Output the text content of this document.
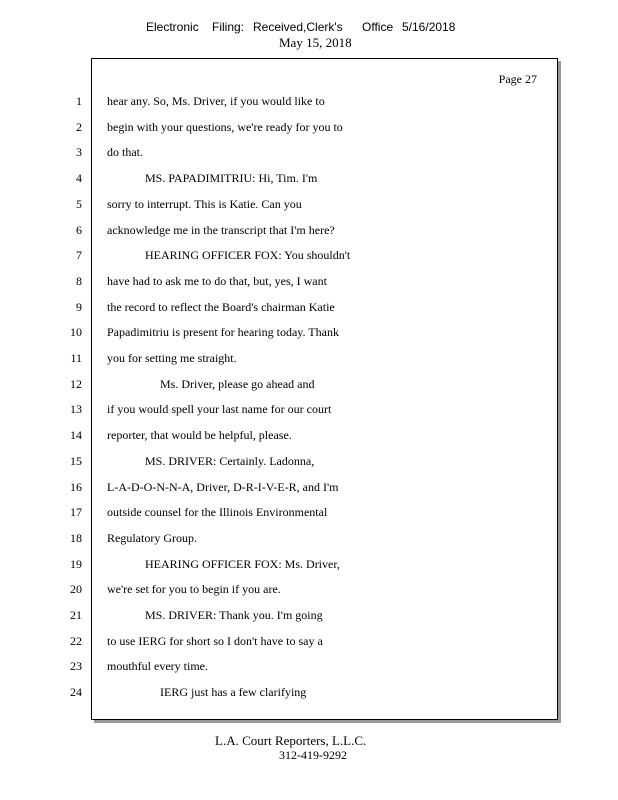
Electronic Filing: Received,Clerk's Office 5/16/2018
May 15, 2018
Page 27
1 hear any. So, Ms. Driver, if you would like to
2 begin with your questions, we're ready for you to
3 do that.
4	MS. PAPADIMITRIU: Hi, Tim. I'm
5 sorry to interrupt. This is Katie. Can you
6 acknowledge me in the transcript that I'm here?
7	HEARING OFFICER FOX: You shouldn't
8 have had to ask me to do that, but, yes, I want
9 the record to reflect the Board's chairman Katie
10 Papadimitriu is present for hearing today. Thank
11 you for setting me straight.
12	Ms. Driver, please go ahead and
13 if you would spell your last name for our court
14 reporter, that would be helpful, please.
15	MS. DRIVER: Certainly. Ladonna,
16 L-A-D-O-N-N-A, Driver, D-R-I-V-E-R, and I'm
17 outside counsel for the Illinois Environmental
18 Regulatory Group.
19	HEARING OFFICER FOX: Ms. Driver,
20 we're set for you to begin if you are.
21	MS. DRIVER: Thank you. I'm going
22 to use IERG for short so I don't have to say a
23 mouthful every time.
24	IERG just has a few clarifying
L.A. Court Reporters, L.L.C.
312-419-9292
